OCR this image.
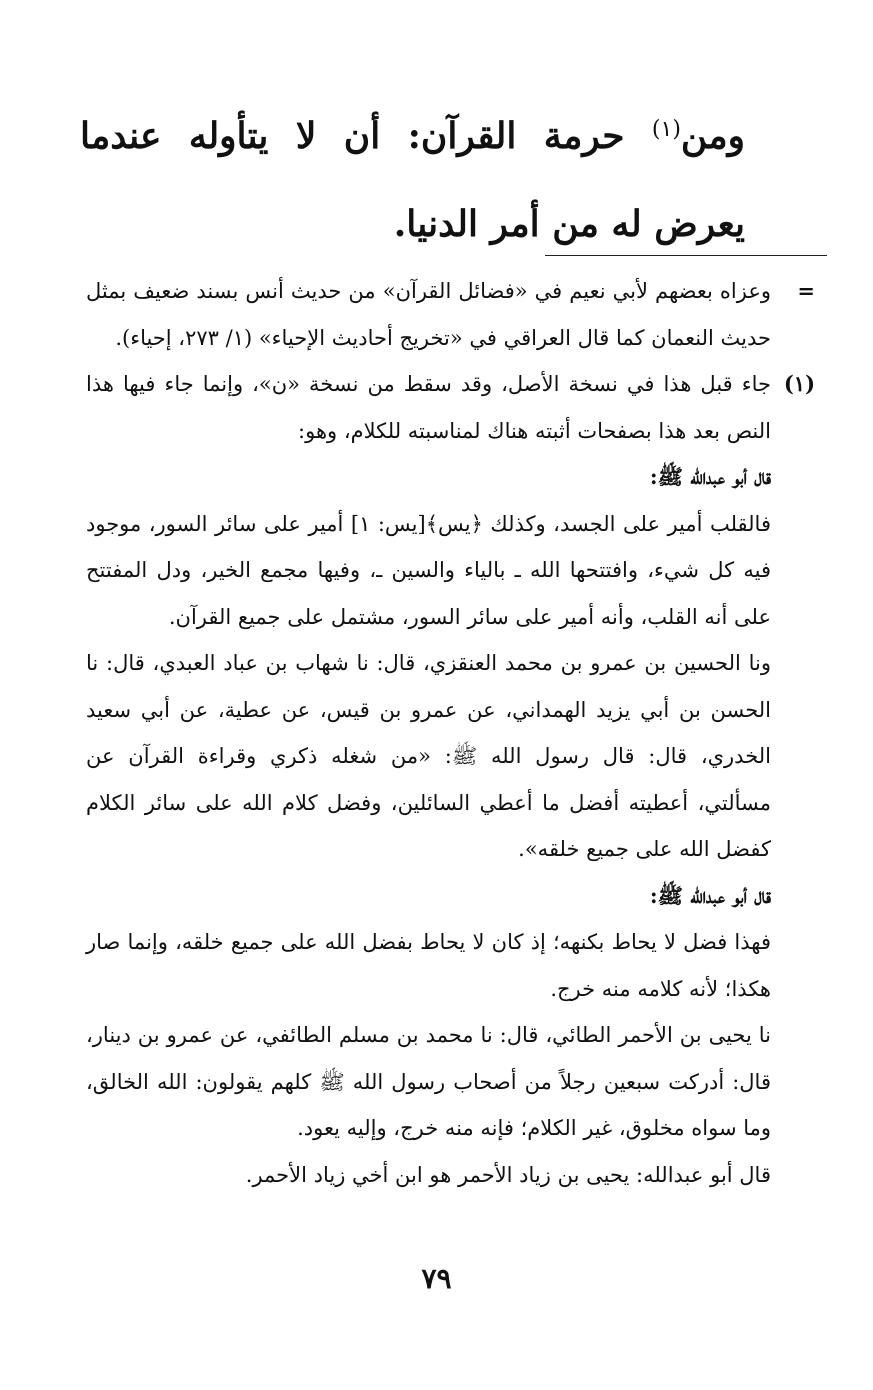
ومن$^{(١)}$ حرمة القرآن: أن لا يتأوله عندما يعرض له من أمر الدنيا.

=

وعزاه بعضهم لأبي نعيم في «فضائل القرآن» من حديث أنس بسند ضعيف بمثل حديث النعمان كما قال العراقي في «تخريج أحاديث الإحياء» (١/ ٢٧٣، إحياء).

(١)

جاء قبل هذا في نسخة الأصل، وقد سقط من نسخة «ن»، وإنما جاء فيها هذا النص بعد هذا بصفحات أثبته هناك لمناسبته للكلام، وهو:

قال أبو عبدالله ﷺ:

فالقلب أمير على الجسد، وكذلك ﴿يس﴾[يس: ١] أمير على سائر السور، موجود فيه كل شيء، وافتتحها الله ـ بالياء والسين ـ، وفيها مجمع الخير، ودل المفتتح على أنه القلب، وأنه أمير على سائر السور، مشتمل على جميع القرآن.

ونا الحسين بن عمرو بن محمد العنقزي، قال: نا شهاب بن عباد العبدي، قال: نا الحسن بن أبي يزيد الهمداني، عن عمرو بن قيس، عن عطية، عن أبي سعيد الخدري، قال: قال رسول الله ﷺ: «من شغله ذكري وقراءة القرآن عن مسألتي، أعطيته أفضل ما أعطي السائلين، وفضل كلام الله على سائر الكلام كفضل الله على جميع خلقه».

قال أبو عبدالله ﷺ:

فهذا فضل لا يحاط بكنهه؛ إذ كان لا يحاط بفضل الله على جميع خلقه، وإنما صار هكذا؛ لأنه كلامه منه خرج.

نا يحيى بن الأحمر الطائي، قال: نا محمد بن مسلم الطائفي، عن عمرو بن دينار، قال: أدركت سبعين رجلاً من أصحاب رسول الله ﷺ كلهم يقولون: الله الخالق، وما سواه مخلوق، غير الكلام؛ فإنه منه خرج، وإليه يعود.

قال أبو عبدالله: يحيى بن زياد الأحمر هو ابن أخي زياد الأحمر.

٧٩
